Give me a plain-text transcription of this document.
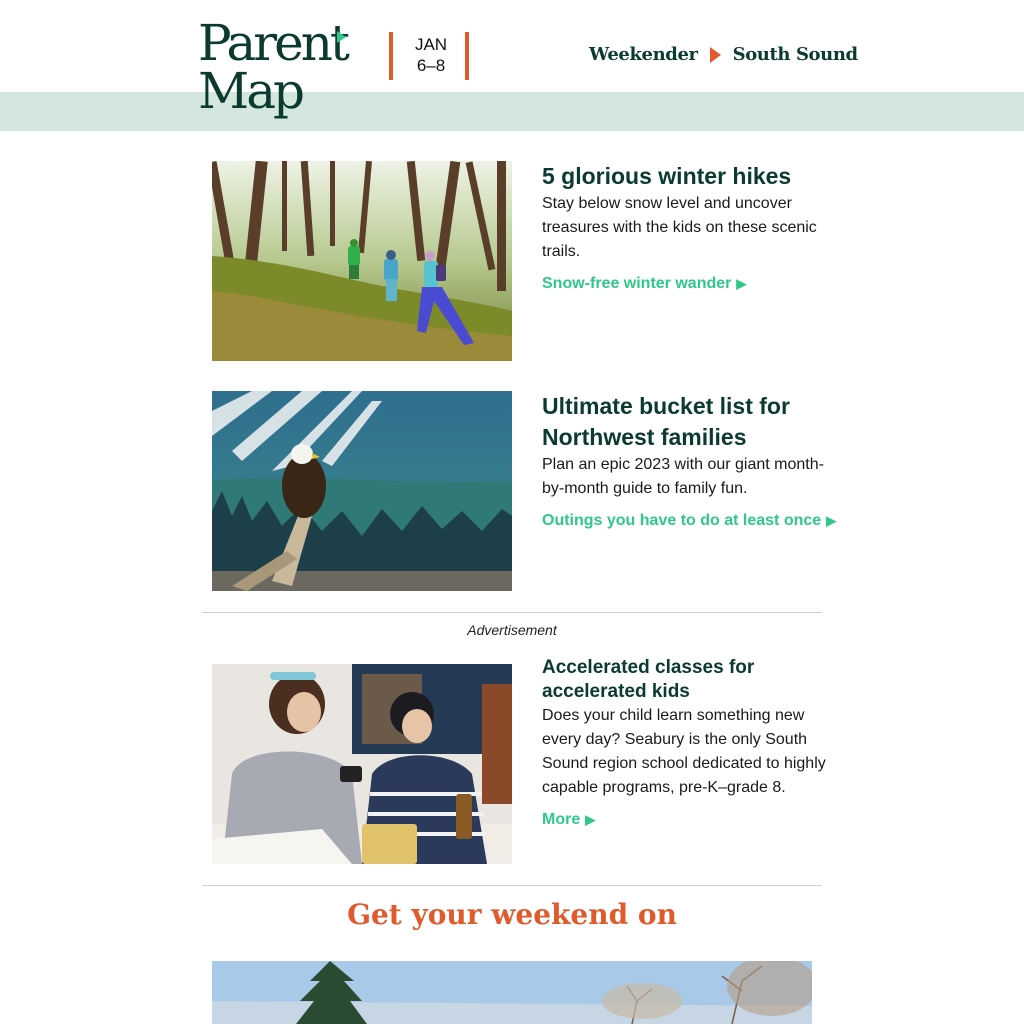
Parent
Map
JAN
6–8
Weekender South Sound
5 glorious winter hikes

Stay below snow level and uncover treasures with the kids on these scenic trails.

Snow-free winter wander ▶
Ultimate bucket list for Northwest families

Plan an epic 2023 with our giant month-by-month guide to family fun.

Outings you have to do at least once ▶
Advertisement
Accelerated classes for accelerated kids

Does your child learn something new every day? Seabury is the only South Sound region school dedicated to highly capable programs, pre-K–grade 8.

More ▶
Get your weekend on
